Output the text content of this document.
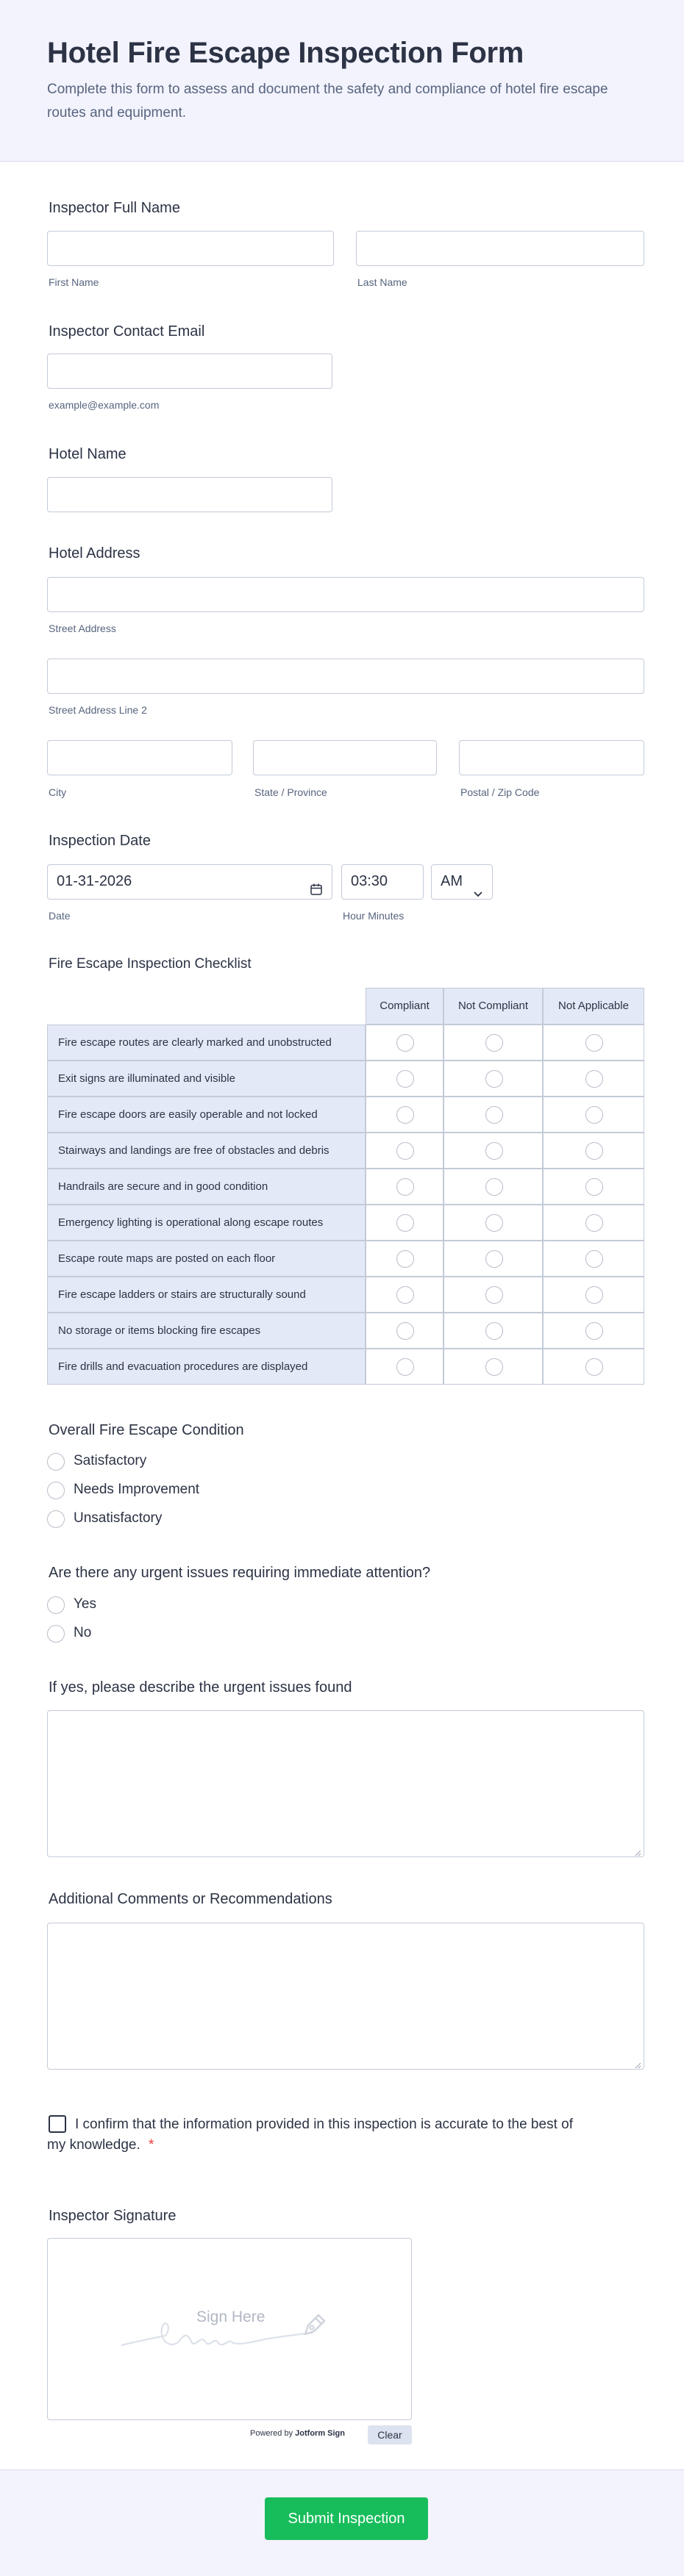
Hotel Fire Escape Inspection Form

Complete this form to assess and document the safety and compliance of hotel fire escape routes and equipment.

Inspector Full Name
First Name	Last Name
Inspector Contact Email
example@example.com
Hotel Name
Hotel Address
Street Address
Street Address Line 2
City	State / Province	Postal / Zip Code
Inspection Date
01-31-2026	03:30	AM
Date	Hour Minutes
Fire Escape Inspection Checklist
Compliant	Not Compliant	Not Applicable
Fire escape routes are clearly marked and unobstructed
Exit signs are illuminated and visible
Fire escape doors are easily operable and not locked
Stairways and landings are free of obstacles and debris
Handrails are secure and in good condition
Emergency lighting is operational along escape routes
Escape route maps are posted on each floor
Fire escape ladders or stairs are structurally sound
No storage or items blocking fire escapes
Fire drills and evacuation procedures are displayed
Overall Fire Escape Condition
Satisfactory
Needs Improvement
Unsatisfactory
Are there any urgent issues requiring immediate attention?
Yes
No
If yes, please describe the urgent issues found
Additional Comments or Recommendations
I confirm that the information provided in this inspection is accurate to the best of my knowledge. *
Inspector Signature
Sign Here
Powered by Jotform Sign	Clear
Submit Inspection
